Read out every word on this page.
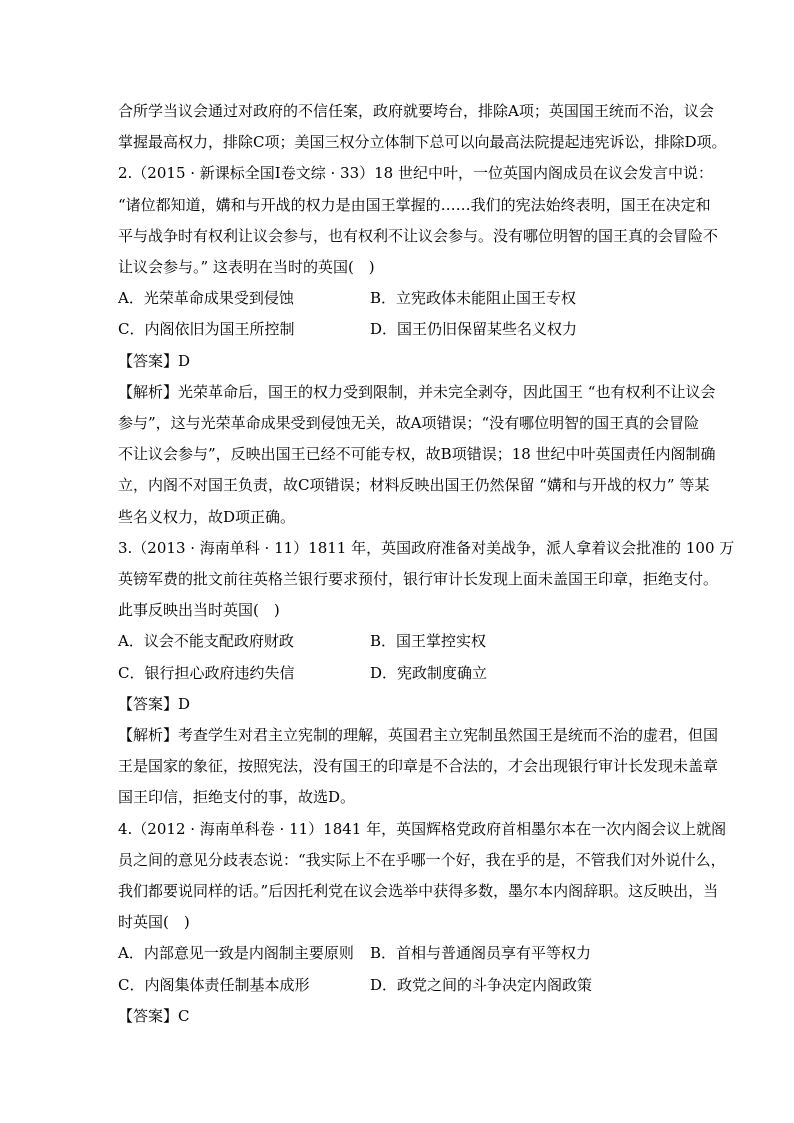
合所学当议会通过对政府的不信任案，政府就要垮台，排除A项；英国国王统而不治，议会
掌握最高权力，排除C项；美国三权分立体制下总可以向最高法院提起违宪诉讼，排除D项。
2.（2015 · 新课标全国Ⅰ卷文综 · 33）18 世纪中叶，一位英国内阁成员在议会发言中说：
“诸位都知道，媾和与开战的权力是由国王掌握的……我们的宪法始终表明，国王在决定和
平与战争时有权利让议会参与，也有权利不让议会参与。没有哪位明智的国王真的会冒险不
让议会参与。” 这表明在当时的英国(　)
A．光荣革命成果受到侵蚀	B．立宪政体未能阻止国王专权
C．内阁依旧为国王所控制	D．国王仍旧保留某些名义权力
【答案】D
【解析】光荣革命后，国王的权力受到限制，并未完全剥夺，因此国王 “也有权利不让议会
参与”，这与光荣革命成果受到侵蚀无关，故A项错误；“没有哪位明智的国王真的会冒险
不让议会参与”，反映出国王已经不可能专权，故B项错误；18 世纪中叶英国责任内阁制确
立，内阁不对国王负责，故C项错误；材料反映出国王仍然保留 “媾和与开战的权力” 等某
些名义权力，故D项正确。
3.（2013 · 海南单科 · 11）1811 年，英国政府准备对美战争，派人拿着议会批准的 100 万
英镑军费的批文前往英格兰银行要求预付，银行审计长发现上面未盖国王印章，拒绝支付。
此事反映出当时英国(　)
A．议会不能支配政府财政	B．国王掌控实权
C．银行担心政府违约失信	D．宪政制度确立
【答案】D
【解析】考查学生对君主立宪制的理解，英国君主立宪制虽然国王是统而不治的虚君，但国
王是国家的象征，按照宪法，没有国王的印章是不合法的，才会出现银行审计长发现未盖章
国王印信，拒绝支付的事，故选D。
4.（2012 · 海南单科卷 · 11）1841 年，英国辉格党政府首相墨尔本在一次内阁会议上就阁
员之间的意见分歧表态说：“我实际上不在乎哪一个好，我在乎的是，不管我们对外说什么，
我们都要说同样的话。”后因托利党在议会选举中获得多数，墨尔本内阁辞职。这反映出，当
时英国(　)
A．内部意见一致是内阁制主要原则	B．首相与普通阁员享有平等权力
C．内阁集体责任制基本成形	D．政党之间的斗争决定内阁政策
【答案】C
